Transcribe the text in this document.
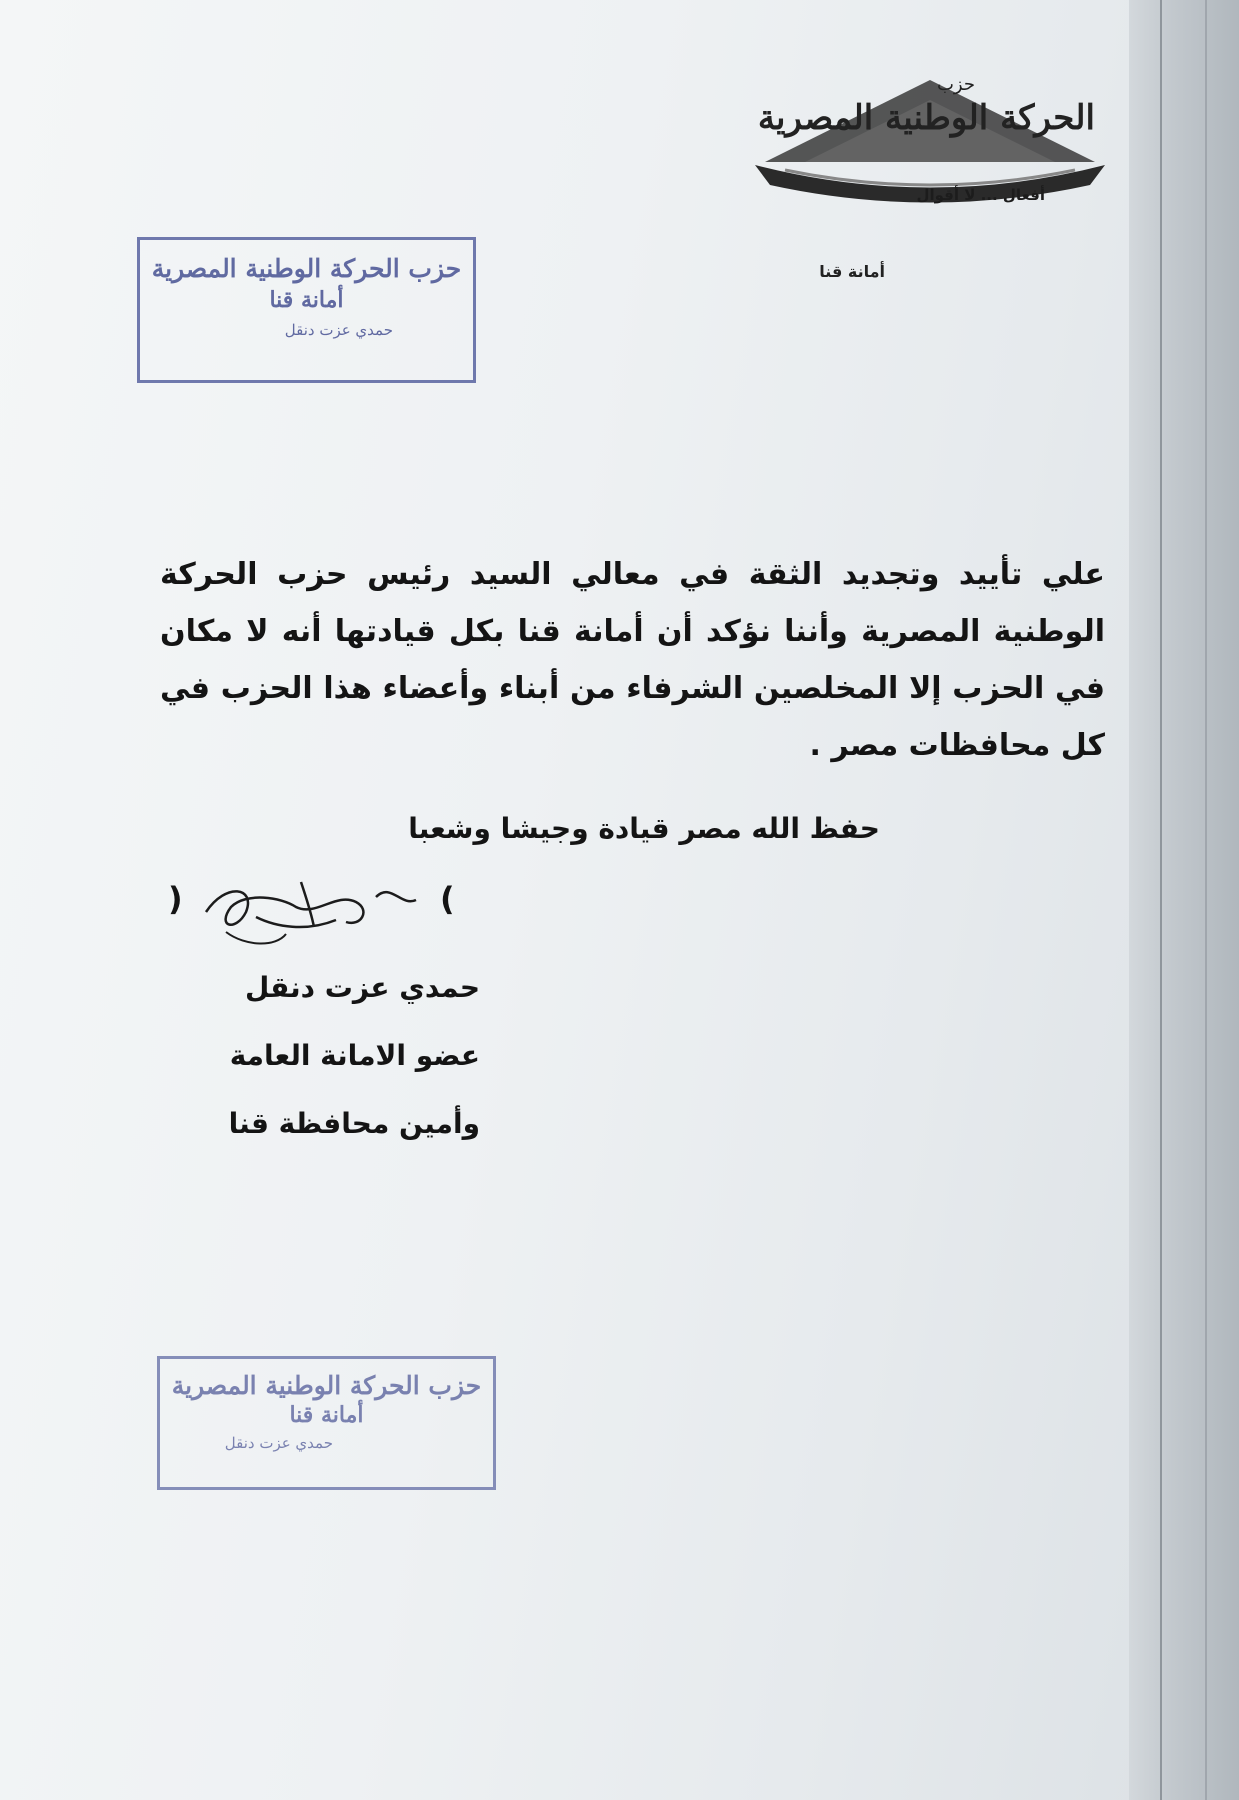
حزب
الحركة الوطنية المصرية
أفعال ... لا أقوال
أمانة قنا
حزب الحركة الوطنية المصرية
أمانة قنا
حمدي عزت دنقل
علي تأييد وتجديد الثقة في معالي السيد رئيس حزب الحركة الوطنية المصرية وأننا نؤكد أن أمانة قنا بكل قيادتها أنه لا مكان في الحزب إلا المخلصين الشرفاء من أبناء وأعضاء هذا الحزب في كل محافظات مصر .
حفظ الله مصر قيادة وجيشا وشعبا
)	(
حمدي عزت دنقل
عضو الامانة العامة
وأمين محافظة قنا
حزب الحركة الوطنية المصرية
أمانة قنا
حمدي عزت دنقل
